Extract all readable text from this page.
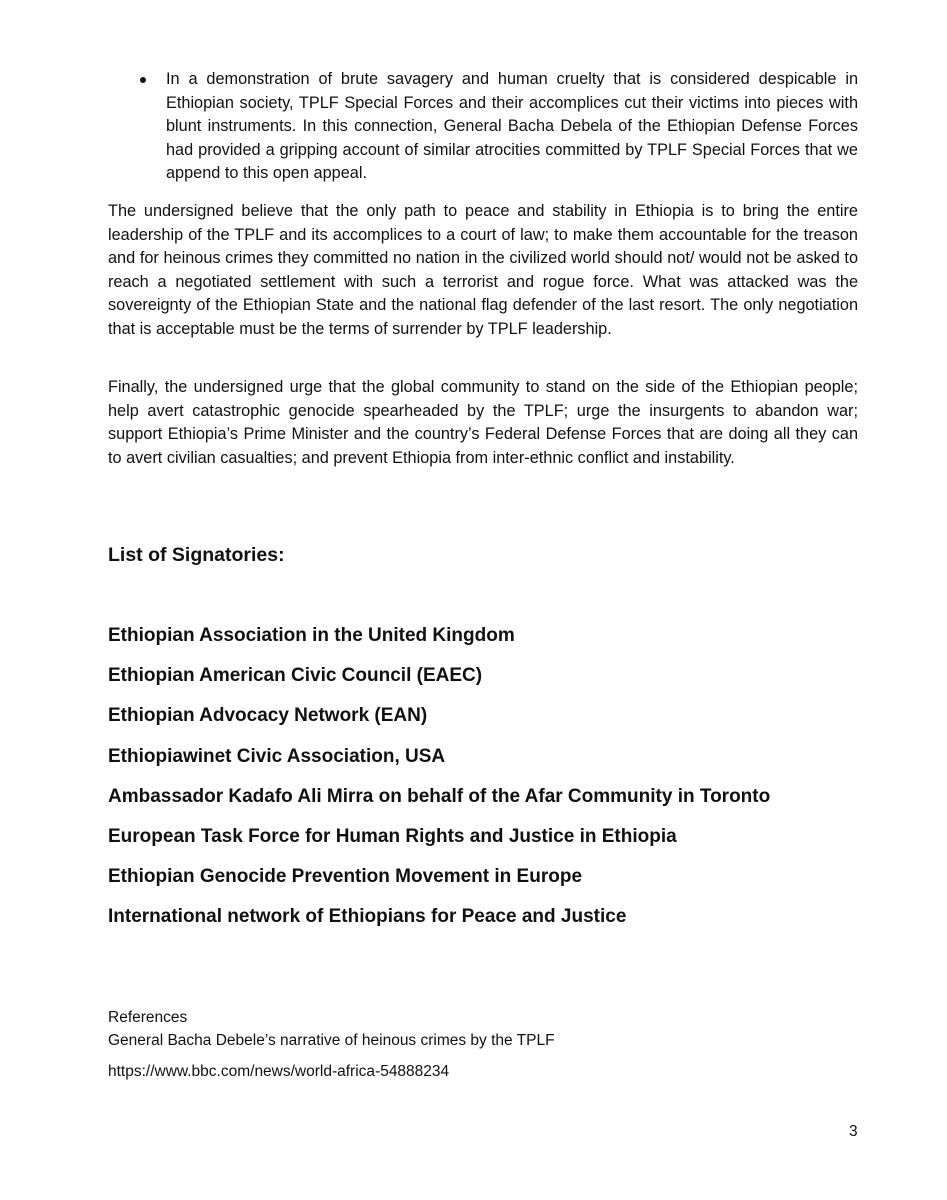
In a demonstration of brute savagery and human cruelty that is considered despicable in Ethiopian society, TPLF Special Forces and their accomplices cut their victims into pieces with blunt instruments. In this connection, General Bacha Debela of the Ethiopian Defense Forces had provided a gripping account of similar atrocities committed by TPLF Special Forces that we append to this open appeal.

The undersigned believe that the only path to peace and stability in Ethiopia is to bring the entire leadership of the TPLF and its accomplices to a court of law; to make them accountable for the treason and for heinous crimes they committed no nation in the civilized world should not/ would not be asked to reach a negotiated settlement with such a terrorist and rogue force. What was attacked was the sovereignty of the Ethiopian State and the national flag defender of the last resort. The only negotiation that is acceptable must be the terms of surrender by TPLF leadership.

Finally, the undersigned urge that the global community to stand on the side of the Ethiopian people; help avert catastrophic genocide spearheaded by the TPLF; urge the insurgents to abandon war; support Ethiopia’s Prime Minister and the country’s Federal Defense Forces that are doing all they can to avert civilian casualties; and prevent Ethiopia from inter-ethnic conflict and instability.

List of Signatories:
Ethiopian Association in the United Kingdom
Ethiopian American Civic Council (EAEC)
Ethiopian Advocacy Network (EAN)
Ethiopiawinet Civic Association, USA
Ambassador Kadafo Ali Mirra on behalf of the Afar Community in Toronto
European Task Force for Human Rights and Justice in Ethiopia
Ethiopian Genocide Prevention Movement in Europe
International network of Ethiopians for Peace and Justice
References
General Bacha Debele’s narrative of heinous crimes by the TPLF
https://www.bbc.com/news/world-africa-54888234
3
